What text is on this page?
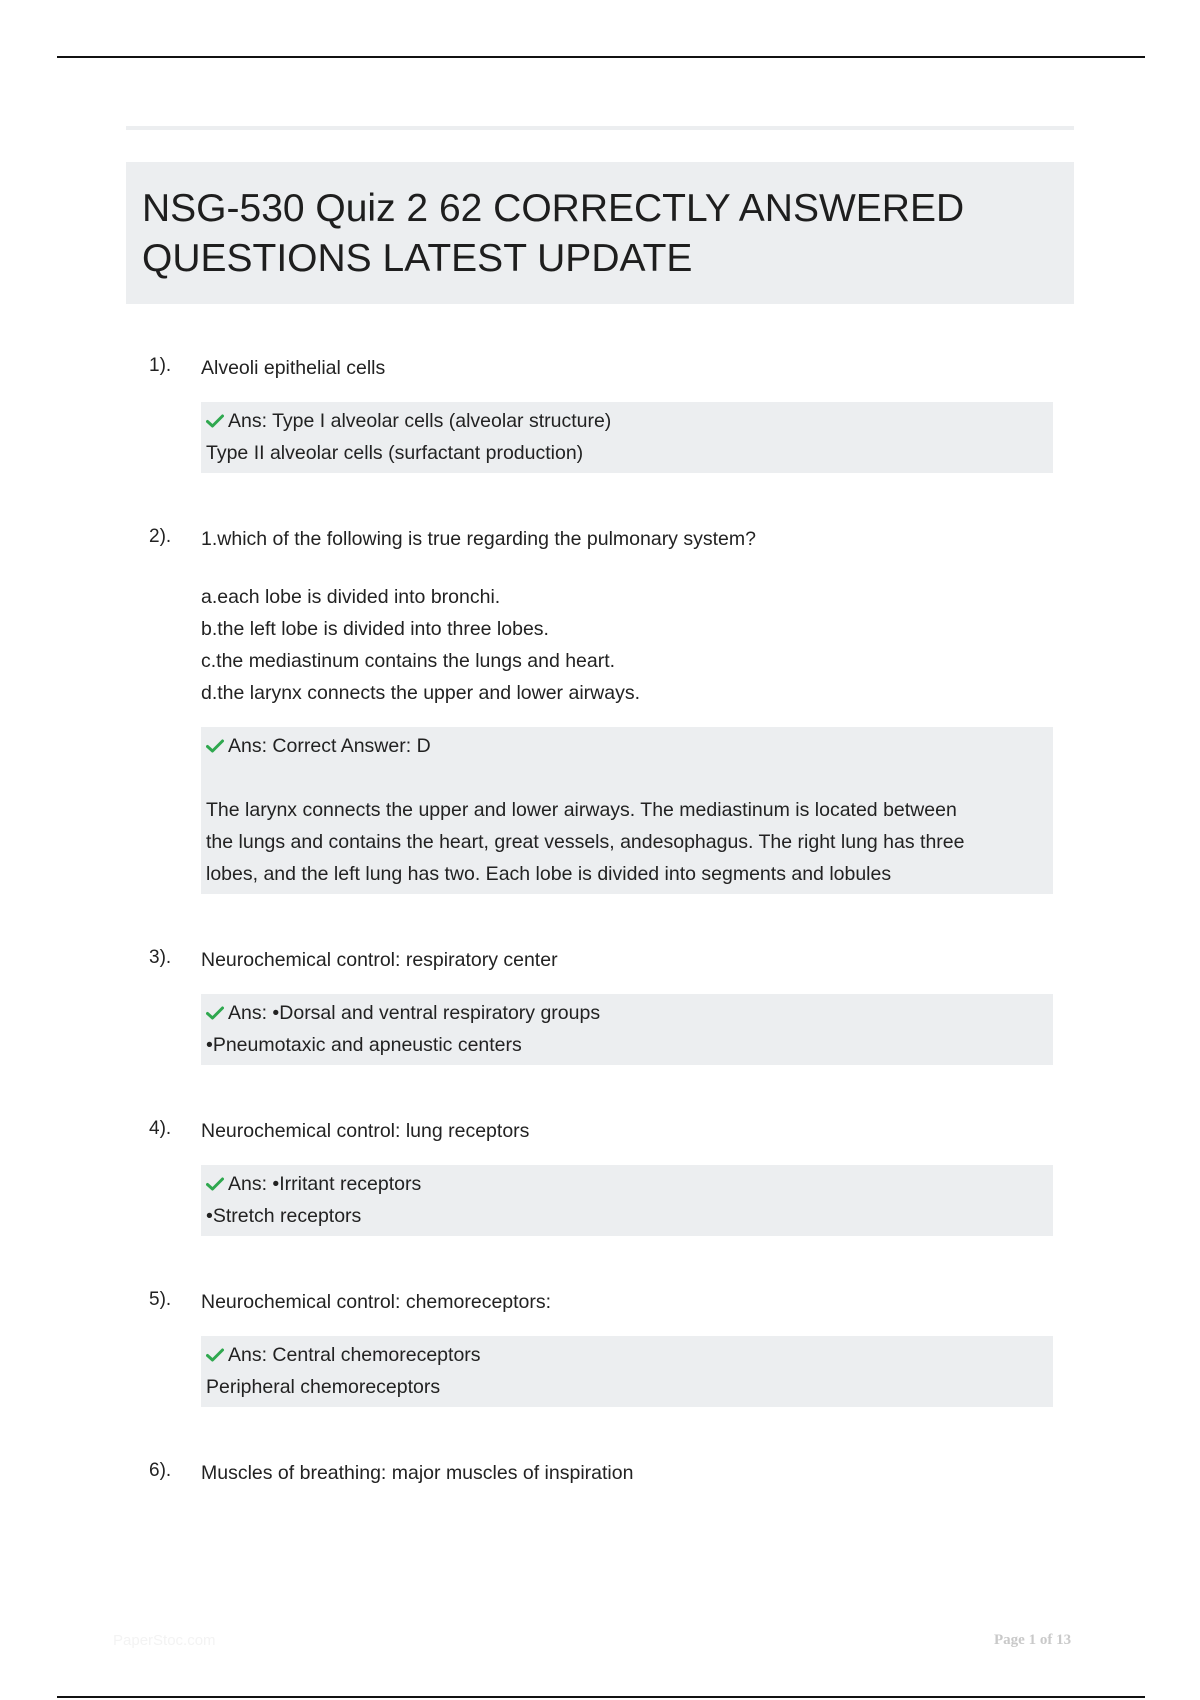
NSG-530 Quiz 2 62 CORRECTLY ANSWERED QUESTIONS LATEST UPDATE
1). Alveoli epithelial cells
Ans: Type I alveolar cells (alveolar structure)
Type II alveolar cells (surfactant production)
2). 1.which of the following is true regarding the pulmonary system?
a.each lobe is divided into bronchi.
b.the left lobe is divided into three lobes.
c.the mediastinum contains the lungs and heart.
d.the larynx connects the upper and lower airways.
Ans: Correct Answer: D
The larynx connects the upper and lower airways. The mediastinum is located between
the lungs and contains the heart, great vessels, andesophagus. The right lung has three
lobes, and the left lung has two. Each lobe is divided into segments and lobules
3). Neurochemical control: respiratory center
Ans: •Dorsal and ventral respiratory groups
•Pneumotaxic and apneustic centers
4). Neurochemical control: lung receptors
Ans: •Irritant receptors
•Stretch receptors
5). Neurochemical control: chemoreceptors:
Ans: Central chemoreceptors
Peripheral chemoreceptors
6). Muscles of breathing: major muscles of inspiration
PaperStoc.com	Page 1 of 13
